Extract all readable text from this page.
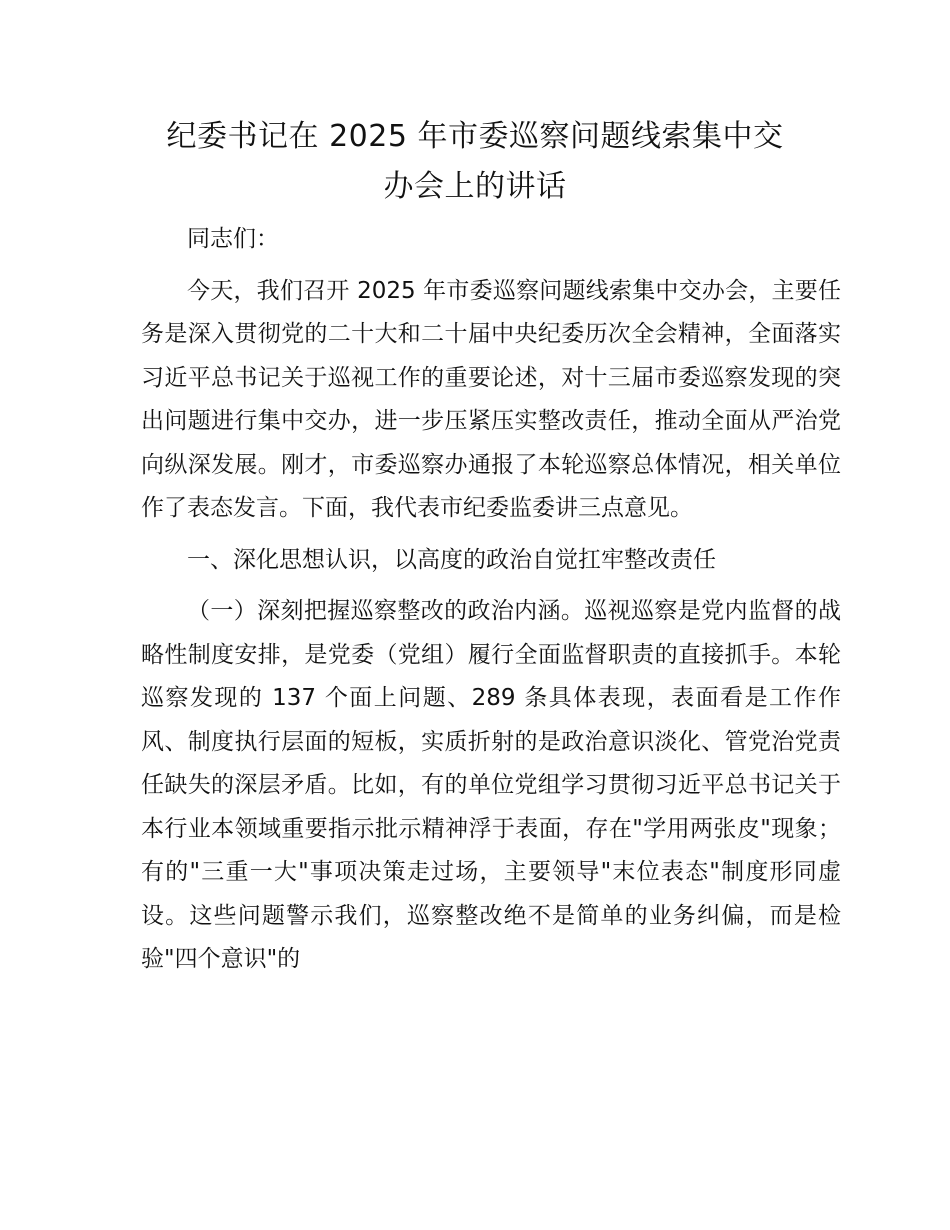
纪委书记在 2025 年市委巡察问题线索集中交
办会上的讲话

同志们：

今天，我们召开 2025 年市委巡察问题线索集中交办会，主要任务是深入贯彻党的二十大和二十届中央纪委历次全会精神，全面落实习近平总书记关于巡视工作的重要论述，对十三届市委巡察发现的突出问题进行集中交办，进一步压紧压实整改责任，推动全面从严治党向纵深发展。刚才，市委巡察办通报了本轮巡察总体情况，相关单位作了表态发言。下面，我代表市纪委监委讲三点意见。

一、深化思想认识，以高度的政治自觉扛牢整改责任

（一）深刻把握巡察整改的政治内涵。巡视巡察是党内监督的战略性制度安排，是党委（党组）履行全面监督职责的直接抓手。本轮巡察发现的 137 个面上问题、289 条具体表现，表面看是工作作风、制度执行层面的短板，实质折射的是政治意识淡化、管党治党责任缺失的深层矛盾。比如，有的单位党组学习贯彻习近平总书记关于本行业本领域重要指示批示精神浮于表面，存在"学用两张皮"现象；有的"三重一大"事项决策走过场，主要领导"末位表态"制度形同虚设。这些问题警示我们，巡察整改绝不是简单的业务纠偏，而是检验"四个意识"的
